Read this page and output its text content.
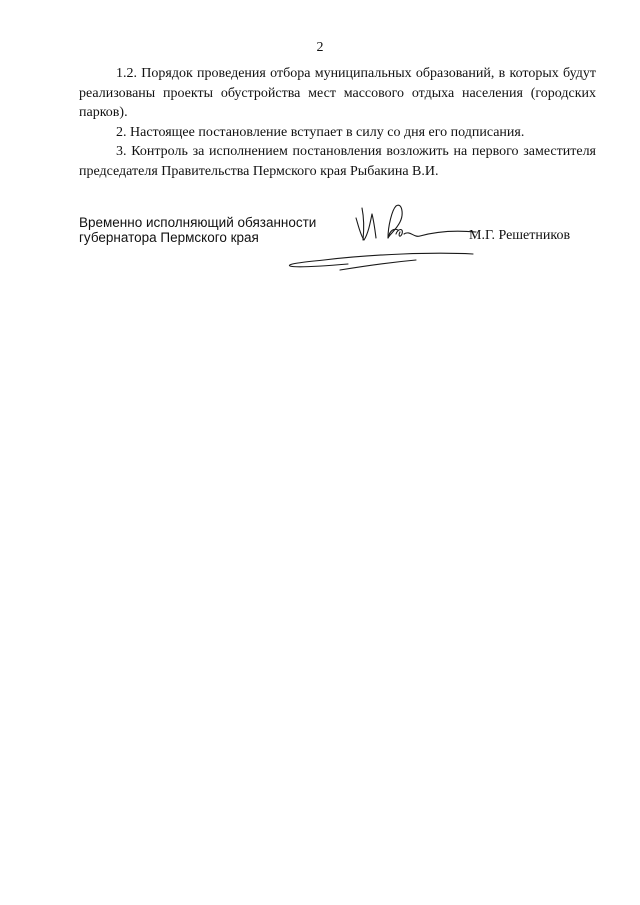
2

1.2. Порядок проведения отбора муниципальных образований, в которых будут реализованы проекты обустройства мест массового отдыха населения (городских парков).

2. Настоящее постановление вступает в силу со дня его подписания.

3. Контроль за исполнением постановления возложить на первого заместителя председателя Правительства Пермского края Рыбакина В.И.

Временно исполняющий обязанности
губернатора Пермского края	М.Г. Решетников
